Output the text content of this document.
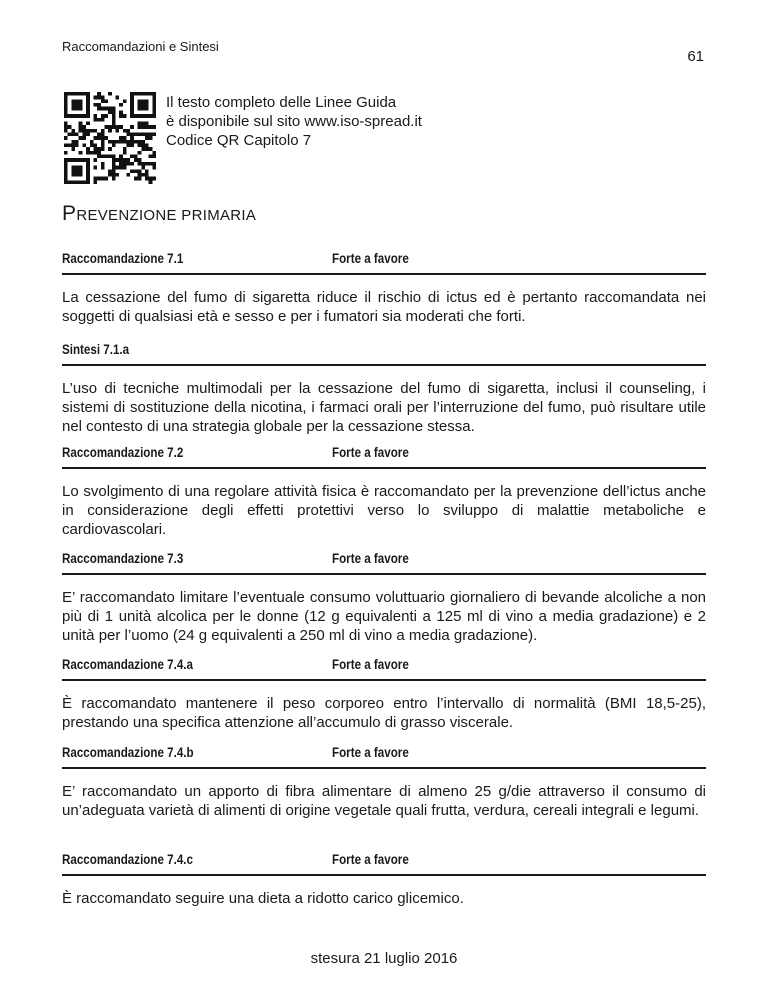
Raccomandazioni e Sintesi
61
Il testo completo delle Linee Guida
è disponibile sul sito www.iso-spread.it
Codice QR Capitolo 7
PREVENZIONE PRIMARIA
Raccomandazione 7.1	Forte a favore
La cessazione del fumo di sigaretta riduce il rischio di ictus ed è pertanto raccomandata nei soggetti di qualsiasi età e sesso e per i fumatori sia moderati che forti.
Sintesi 7.1.a
L’uso di tecniche multimodali per la cessazione del fumo di sigaretta, inclusi il counseling, i sistemi di sostituzione della nicotina, i farmaci orali per l’interruzione del fumo, può risultare utile nel contesto di una strategia globale per la cessazione stessa.
Raccomandazione 7.2	Forte a favore
Lo svolgimento di una regolare attività fisica è raccomandato per la prevenzione dell’ictus anche in considerazione degli effetti protettivi verso lo sviluppo di malattie metaboliche e cardiovascolari.
Raccomandazione 7.3	Forte a favore
E’ raccomandato limitare l’eventuale consumo voluttuario giornaliero di bevande alcoliche a non più di 1 unità alcolica per le donne (12 g equivalenti a 125 ml di vino a media gradazione) e 2 unità per l’uomo (24 g equivalenti a 250 ml di vino a media gradazione).
Raccomandazione 7.4.a	Forte a favore
È raccomandato mantenere il peso corporeo entro l’intervallo di normalità (BMI 18,5-25), prestando una specifica attenzione all’accumulo di grasso viscerale.
Raccomandazione 7.4.b	Forte a favore
E’ raccomandato un apporto di fibra alimentare di almeno 25 g/die attraverso il consumo di un’adeguata varietà di alimenti di origine vegetale quali frutta, verdura, cereali integrali e legumi.
Raccomandazione 7.4.c	Forte a favore
È raccomandato seguire una dieta a ridotto carico glicemico.
stesura 21 luglio 2016
